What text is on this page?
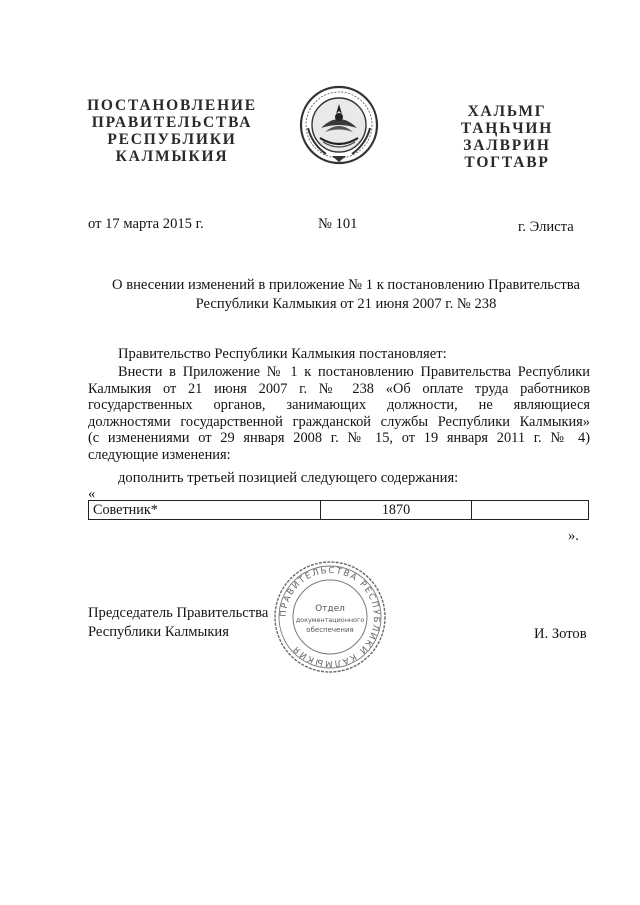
ПОСТАНОВЛЕНИЕ
ПРАВИТЕЛЬСТВА
РЕСПУБЛИКИ
КАЛМЫКИЯ
ХАЛЬМГ
ТАҢҺЧИН
ЗАЛВРИН
ТОГТАВР
от 17 марта 2015 г.	№ 101	г. Элиста
О внесении изменений в приложение № 1 к постановлению Правительства
Республики Калмыкия от 21 июня 2007 г. № 238
Правительство Республики Калмыкия постановляет:
Внести в Приложение № 1 к постановлению Правительства Республики
Калмыкия от 21 июня 2007 г. № 238 «Об оплате труда работников
государственных органов, занимающих должности, не являющиеся
должностями государственной гражданской службы Республики Калмыкия»
(с изменениями от 29 января 2008 г. № 15, от 19 января 2011 г. № 4)
следующие изменения:
дополнить третьей позицией следующего содержания:
«
Советник*	1870	
».
Председатель Правительства
Республики Калмыкия	И. Зотов
ПРАВИТЕЛЬСТВА РЕСПУБЛИКИ КАЛМЫКИЯ
Отдел
документационного
обеспечения
